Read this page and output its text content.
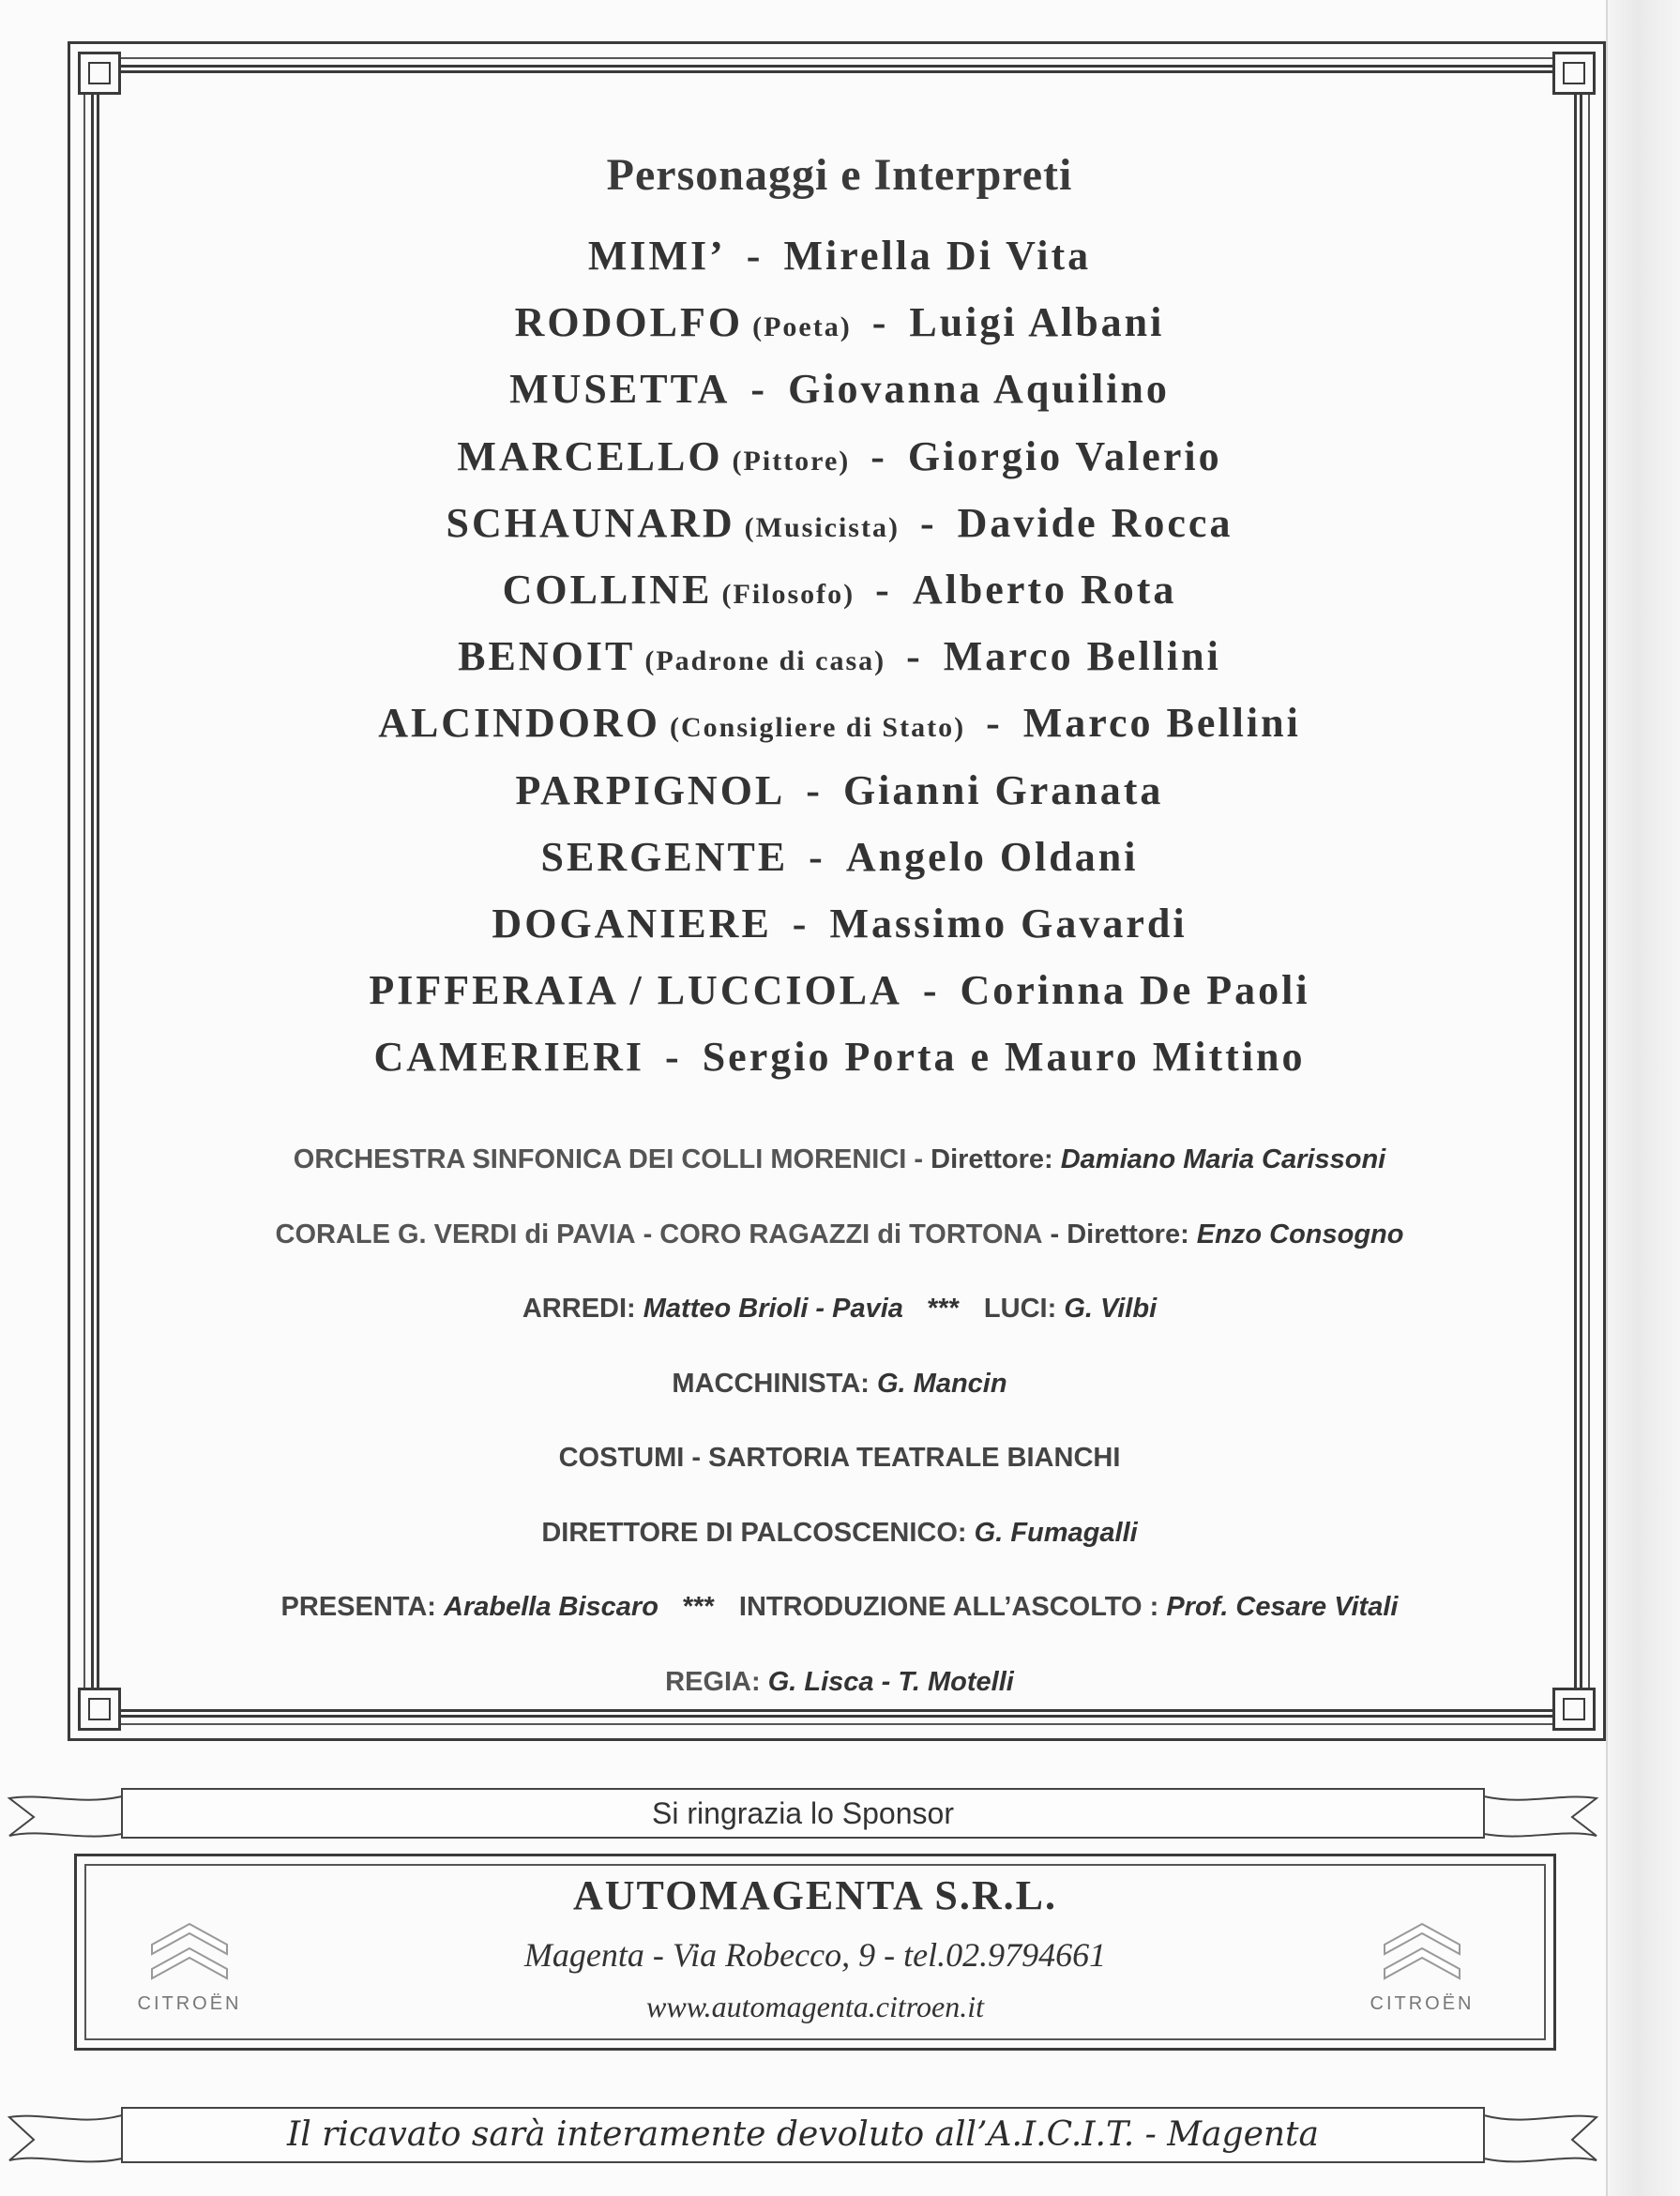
Personaggi e Interpreti
MIMI’ - Mirella Di Vita
RODOLFO (Poeta) - Luigi Albani
MUSETTA - Giovanna Aquilino
MARCELLO (Pittore) - Giorgio Valerio
SCHAUNARD (Musicista) - Davide Rocca
COLLINE (Filosofo) - Alberto Rota
BENOIT (Padrone di casa) - Marco Bellini
ALCINDORO (Consigliere di Stato) - Marco Bellini
PARPIGNOL - Gianni Granata
SERGENTE - Angelo Oldani
DOGANIERE - Massimo Gavardi
PIFFERAIA / LUCCIOLA - Corinna De Paoli
CAMERIERI - Sergio Porta e Mauro Mittino
ORCHESTRA SINFONICA DEI COLLI MORENICI - Direttore: Damiano Maria Carissoni
CORALE G. VERDI di PAVIA - CORO RAGAZZI di TORTONA - Direttore: Enzo Consogno
ARREDI: Matteo Brioli - Pavia *** LUCI: G. Vilbi
MACCHINISTA: G. Mancin
COSTUMI - SARTORIA TEATRALE BIANCHI
DIRETTORE DI PALCOSCENICO: G. Fumagalli
PRESENTA: Arabella Biscaro *** INTRODUZIONE ALL’ASCOLTO : Prof. Cesare Vitali
REGIA: G. Lisca - T. Motelli
Si ringrazia lo Sponsor
AUTOMAGENTA S.R.L.
Magenta - Via Robecco, 9 - tel.02.9794661
www.automagenta.citroen.it
CITROËN	CITROËN
Il ricavato sarà interamente devoluto all’A.I.C.I.T. - Magenta
